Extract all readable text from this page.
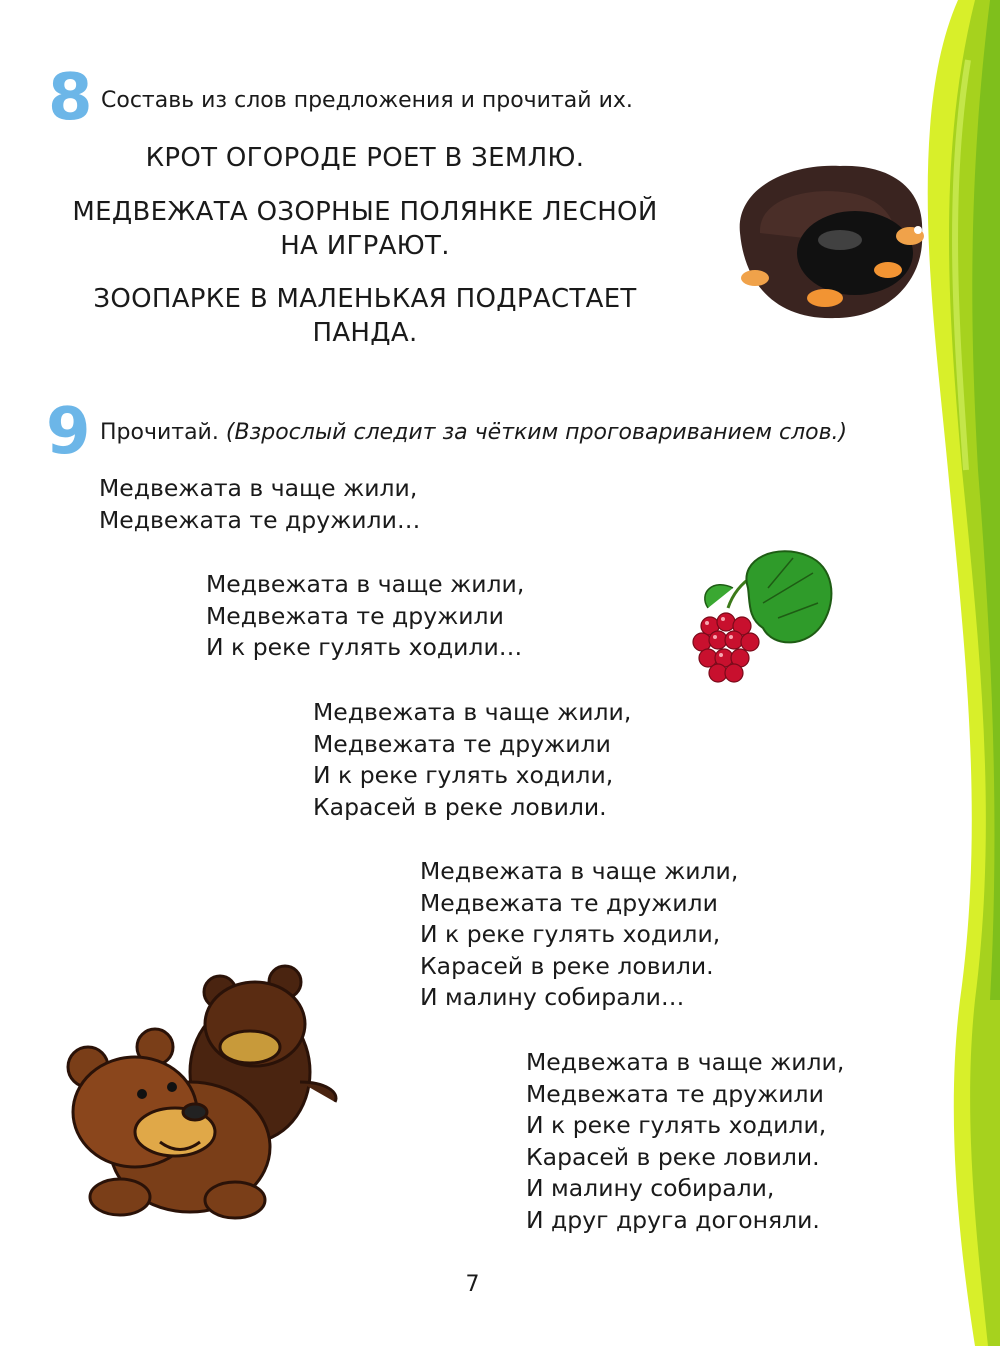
8 Составь из слов предложения и прочитай их.
КРОТ ОГОРОДЕ РОЕТ В ЗЕМЛЮ.
МЕДВЕЖАТА ОЗОРНЫЕ ПОЛЯНКЕ ЛЕСНОЙ
НА ИГРАЮТ.
ЗООПАРКЕ В МАЛЕНЬКАЯ ПОДРАСТАЕТ
ПАНДА.
9 Прочитай. (Взрослый следит за чётким проговариванием слов.)
Медвежата в чаще жили,
Медвежата те дружили…
Медвежата в чаще жили,
Медвежата те дружили
И к реке гулять ходили…
Медвежата в чаще жили,
Медвежата те дружили
И к реке гулять ходили,
Карасей в реке ловили.
Медвежата в чаще жили,
Медвежата те дружили
И к реке гулять ходили,
Карасей в реке ловили.
И малину собирали…
Медвежата в чаще жили,
Медвежата те дружили
И к реке гулять ходили,
Карасей в реке ловили.
И малину собирали,
И друг друга догоняли.
7
